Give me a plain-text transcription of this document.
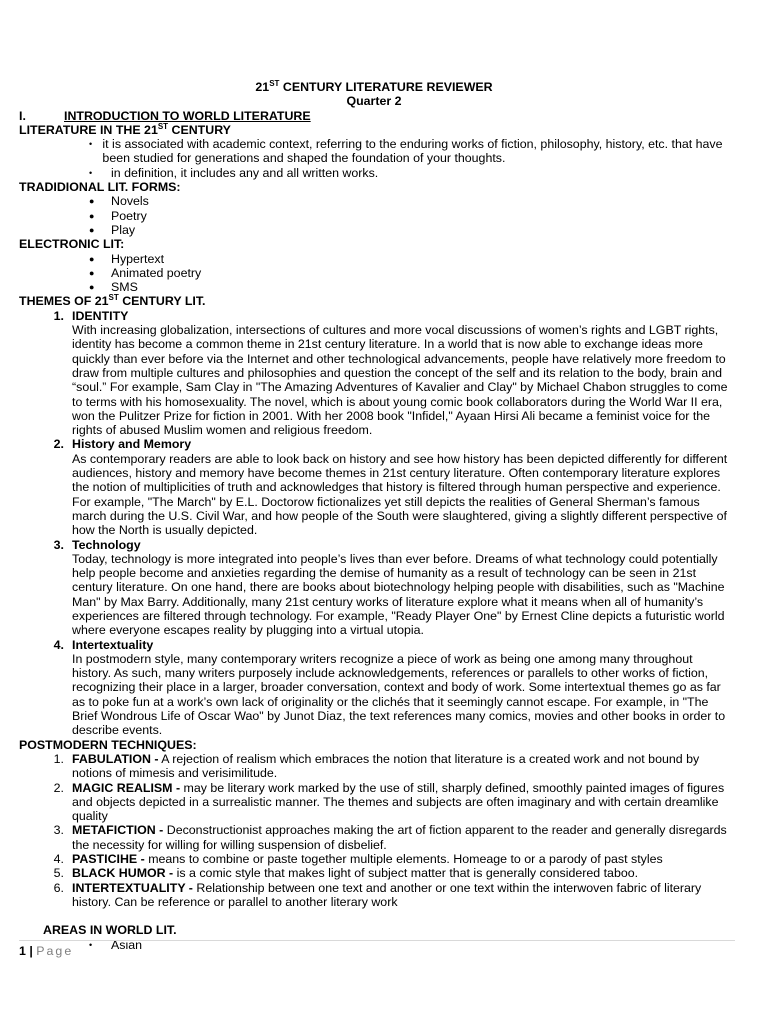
21ST CENTURY LITERATURE REVIEWER

Quarter 2

I.	INTRODUCTION TO WORLD LITERATURE
LITERATURE IN THE 21ST CENTURY
• it is associated with academic context, referring to the enduring works of fiction, philosophy, history, etc. that have been studied for generations and shaped the foundation of your thoughts.
•	in definition, it includes any and all written works.
TRADIDIONAL LIT. FORMS:
●	Novels
●	Poetry
●	Play
ELECTRONIC LIT:
●	Hypertext
●	Animated poetry
●	SMS
THEMES OF 21ST CENTURY LIT.
1. IDENTITY
With increasing globalization, intersections of cultures and more vocal discussions of women’s rights and LGBT rights, identity has become a common theme in 21st century literature. In a world that is now able to exchange ideas more quickly than ever before via the Internet and other technological advancements, people have relatively more freedom to draw from multiple cultures and philosophies and question the concept of the self and its relation to the body, brain and “soul.” For example, Sam Clay in "The Amazing Adventures of Kavalier and Clay" by Michael Chabon struggles to come to terms with his homosexuality. The novel, which is about young comic book collaborators during the World War II era, won the Pulitzer Prize for fiction in 2001. With her 2008 book "Infidel," Ayaan Hirsi Ali became a feminist voice for the rights of abused Muslim women and religious freedom.
2. History and Memory
As contemporary readers are able to look back on history and see how history has been depicted differently for different audiences, history and memory have become themes in 21st century literature. Often contemporary literature explores the notion of multiplicities of truth and acknowledges that history is filtered through human perspective and experience. For example, "The March" by E.L. Doctorow fictionalizes yet still depicts the realities of General Sherman’s famous march during the U.S. Civil War, and how people of the South were slaughtered, giving a slightly different perspective of how the North is usually depicted.
3. Technology
Today, technology is more integrated into people’s lives than ever before. Dreams of what technology could potentially help people become and anxieties regarding the demise of humanity as a result of technology can be seen in 21st century literature. On one hand, there are books about biotechnology helping people with disabilities, such as "Machine Man" by Max Barry. Additionally, many 21st century works of literature explore what it means when all of humanity’s experiences are filtered through technology. For example, "Ready Player One" by Ernest Cline depicts a futuristic world where everyone escapes reality by plugging into a virtual utopia.
4. Intertextuality
In postmodern style, many contemporary writers recognize a piece of work as being one among many throughout history. As such, many writers purposely include acknowledgements, references or parallels to other works of fiction, recognizing their place in a larger, broader conversation, context and body of work. Some intertextual themes go as far as to poke fun at a work’s own lack of originality or the clichés that it seemingly cannot escape. For example, in "The Brief Wondrous Life of Oscar Wao" by Junot Diaz, the text references many comics, movies and other books in order to describe events.
POSTMODERN TECHNIQUES:
1. FABULATION - A rejection of realism which embraces the notion that literature is a created work and not bound by notions of mimesis and verisimilitude.
2. MAGIC REALISM - may be literary work marked by the use of still, sharply defined, smoothly painted images of figures and objects depicted in a surrealistic manner. The themes and subjects are often imaginary and with certain dreamlike quality
3. METAFICTION - Deconstructionist approaches making the art of fiction apparent to the reader and generally disregards the necessity for willing for willing suspension of disbelief.
4. PASTICIHE - means to combine or paste together multiple elements. Homeage to or a parody of past styles
5. BLACK HUMOR - is a comic style that makes light of subject matter that is generally considered taboo.
6. INTERTEXTUALITY - Relationship between one text and another or one text within the interwoven fabric of literary history. Can be reference or parallel to another literary work
AREAS IN WORLD LIT.
•	Asian
1 | Page
